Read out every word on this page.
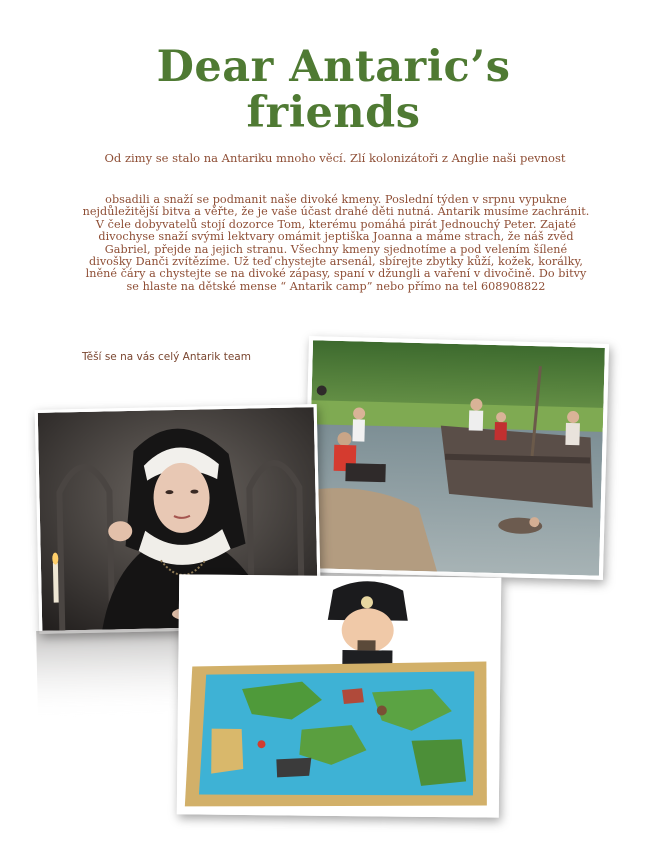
Dear Antaric’s
friends

Od zimy se stalo na Antariku mnoho věcí. Zlí kolonizátoři z Anglie naši pevnost

obsadili a snaží se podmanit naše divoké kmeny. Poslední týden v srpnu vypukne nejdůležitější bitva a věřte, že je vaše účast drahé děti nutná. Antarik musíme zachránit. V čele dobyvatelů stojí dozorce Tom, kterému pomáhá pirát Jednouchý Peter. Zajaté divochyse snaží svými lektvary omámit jeptiška Joanna a máme strach, že náš zvěd Gabriel, přejde na jejich stranu. Všechny kmeny sjednotíme a pod velením šílené divošky Danči zvítězíme. Už teď chystejte arsenál, sbírejte zbytky kůží, kožek, korálky, lněné čáry a chystejte se na divoké zápasy, spaní v džungli a vaření v divočině. Do bitvy se hlaste na dětské mense “ Antarik camp” nebo přímo na tel 608908822

Těší se na vás celý Antarik team
